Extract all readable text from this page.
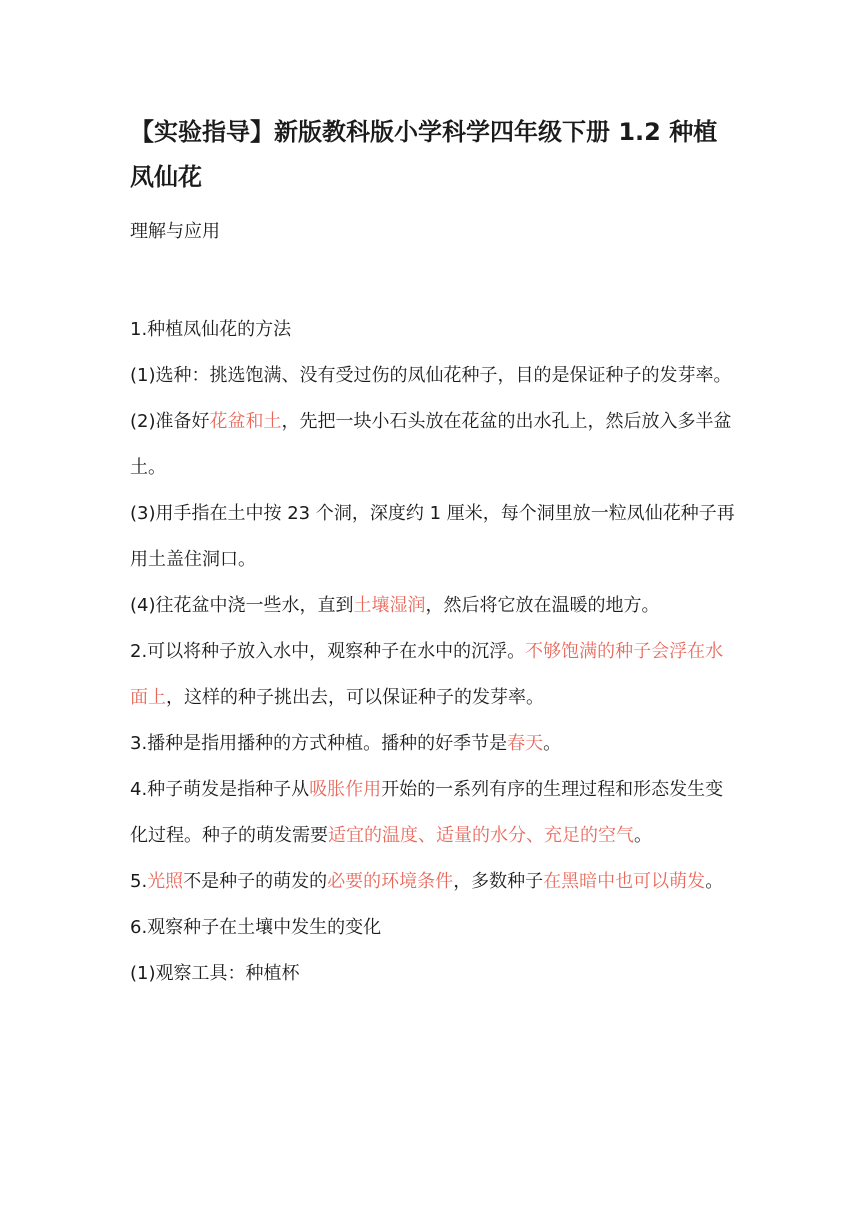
【实验指导】新版教科版小学科学四年级下册 1.2 种植凤仙花

理解与应用

1.种植凤仙花的方法

(1)选种：挑选饱满、没有受过伤的凤仙花种子，目的是保证种子的发芽率。

(2)准备好花盆和土，先把一块小石头放在花盆的出水孔上，然后放入多半盆土。

(3)用手指在土中按 23 个洞，深度约 1 厘米，每个洞里放一粒凤仙花种子再用土盖住洞口。

(4)往花盆中浇一些水，直到土壤湿润，然后将它放在温暖的地方。

2.可以将种子放入水中，观察种子在水中的沉浮。不够饱满的种子会浮在水面上，这样的种子挑出去，可以保证种子的发芽率。

3.播种是指用播种的方式种植。播种的好季节是春天。

4.种子萌发是指种子从吸胀作用开始的一系列有序的生理过程和形态发生变化过程。种子的萌发需要适宜的温度、适量的水分、充足的空气。

5.光照不是种子的萌发的必要的环境条件，多数种子在黑暗中也可以萌发。

6.观察种子在土壤中发生的变化

(1)观察工具：种植杯
